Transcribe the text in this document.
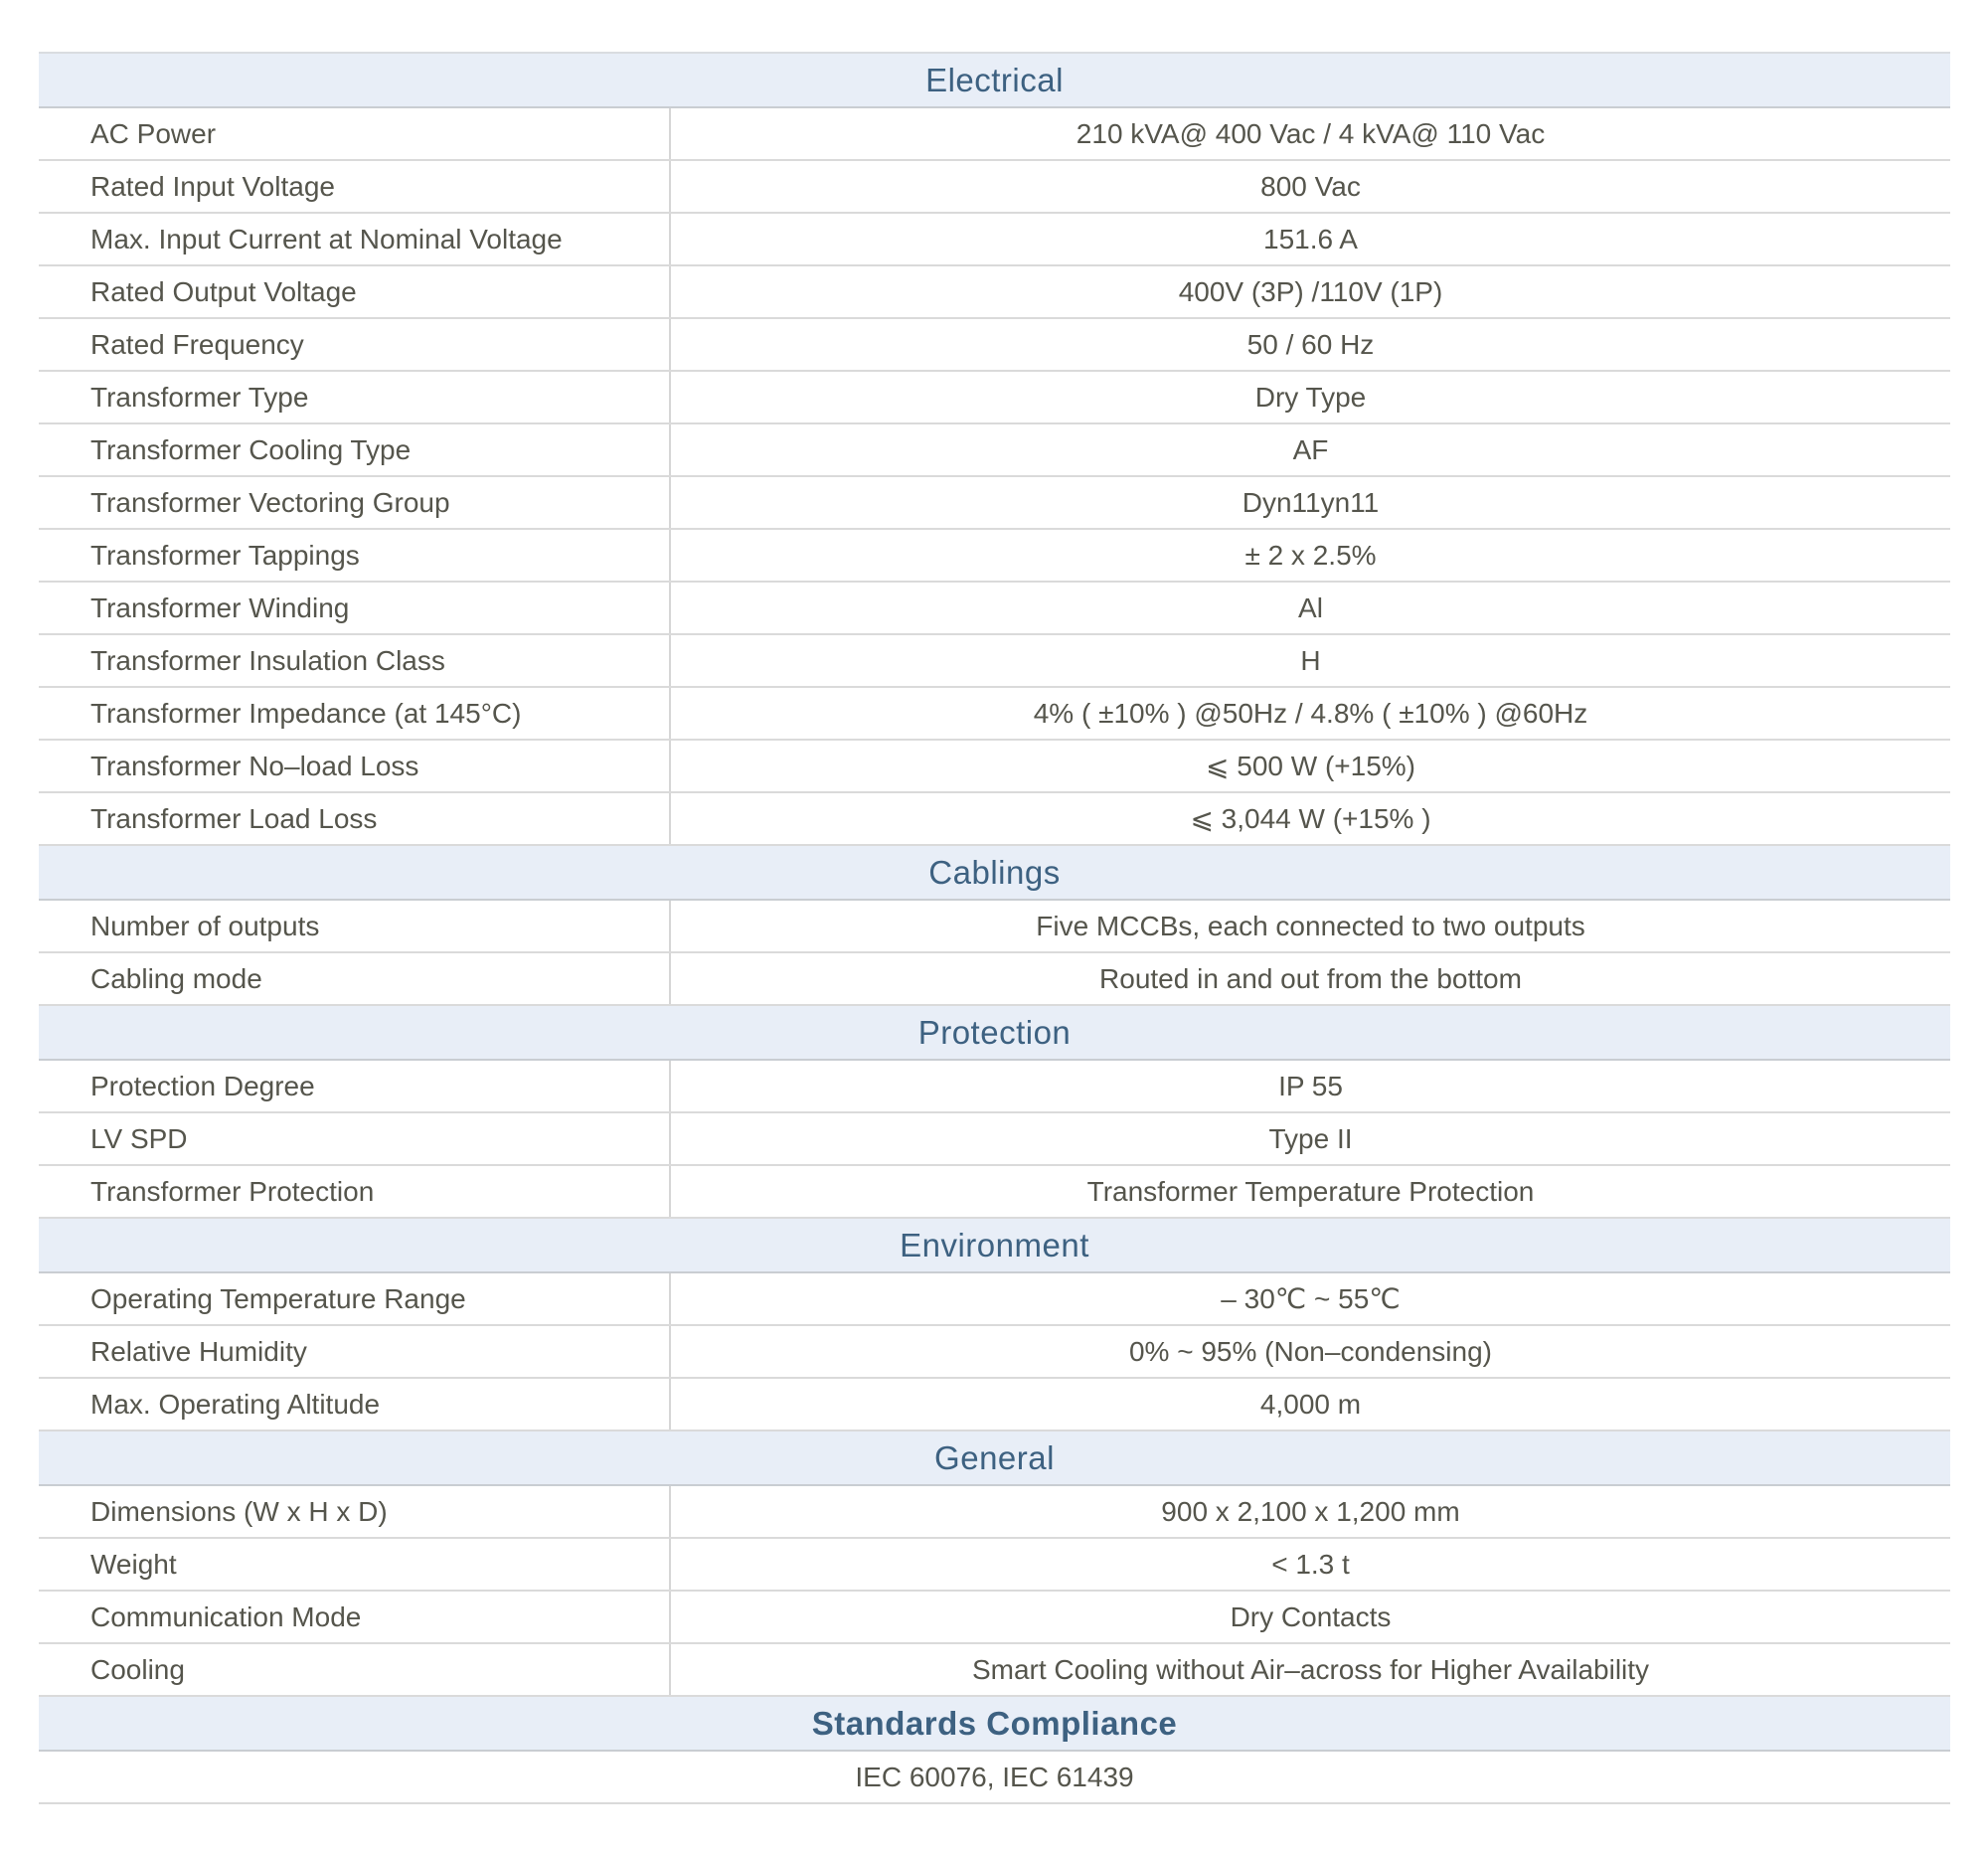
Electrical
AC Power	210 kVA@ 400 Vac / 4 kVA@ 110 Vac
Rated Input Voltage	800 Vac
Max. Input Current at Nominal Voltage	151.6 A
Rated Output Voltage	400V (3P) /110V (1P)
Rated Frequency	50 / 60 Hz
Transformer Type	Dry Type
Transformer Cooling Type	AF
Transformer Vectoring Group	Dyn11yn11
Transformer Tappings	± 2 x 2.5%
Transformer Winding	Al
Transformer Insulation Class	H
Transformer Impedance (at 145°C)	4% ( ±10% ) @50Hz / 4.8% ( ±10% ) @60Hz
Transformer No–load Loss	⩽ 500 W (+15%)
Transformer Load Loss	⩽ 3,044 W (+15% )
Cablings
Number of outputs	Five MCCBs, each connected to two outputs
Cabling mode	Routed in and out from the bottom
Protection
Protection Degree	IP 55
LV SPD	Type II
Transformer Protection	Transformer Temperature Protection
Environment
Operating Temperature Range	– 30℃ ~ 55℃
Relative Humidity	0% ~ 95% (Non–condensing)
Max. Operating Altitude	4,000 m
General
Dimensions (W x H x D)	900 x 2,100 x 1,200 mm
Weight	< 1.3 t
Communication Mode	Dry Contacts
Cooling	Smart Cooling without Air–across for Higher Availability
Standards Compliance
IEC 60076, IEC 61439
